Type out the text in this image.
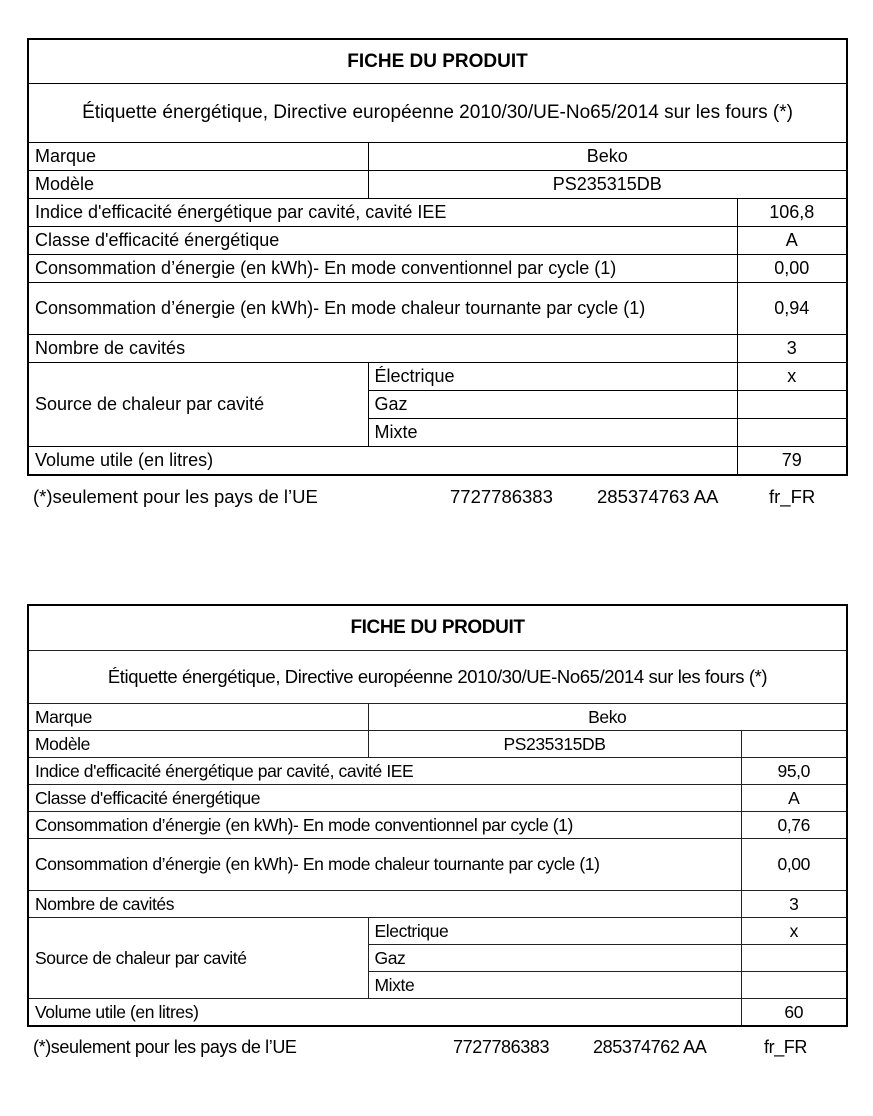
FICHE DU PRODUIT		
Étiquette énergétique, Directive européenne 2010/30/UE-No65/2014 sur les fours (*)		
Marque	Beko	
Modèle	PS235315DB	
Indice d'efficacité énergétique par cavité, cavité IEE		106,8
Classe d'efficacité énergétique		A
Consommation d’énergie (en kWh)- En mode conventionnel par cycle (1)		0,00
Consommation d’énergie (en kWh)- En mode chaleur tournante par cycle (1)		0,94
Nombre de cavités		3
Source de chaleur par cavité	Électrique	x
	Gaz	
	Mixte	
Volume utile (en litres)		79
(*)seulement pour les pays de l’UE	7727786383 285374763 AA	fr_FR
FICHE DU PRODUIT		
Étiquette énergétique, Directive européenne 2010/30/UE-No65/2014 sur les fours (*)		
Marque	Beko	
Modèle	PS235315DB	
Indice d'efficacité énergétique par cavité, cavité IEE		95,0
Classe d'efficacité énergétique		A
Consommation d’énergie (en kWh)- En mode conventionnel par cycle (1)		0,76
Consommation d’énergie (en kWh)- En mode chaleur tournante par cycle (1)		0,00
Nombre de cavités		3
Source de chaleur par cavité	Electrique	x
	Gaz	
	Mixte	
Volume utile (en litres)		60
(*)seulement pour les pays de l’UE	7727786383 285374762 AA	fr_FR
